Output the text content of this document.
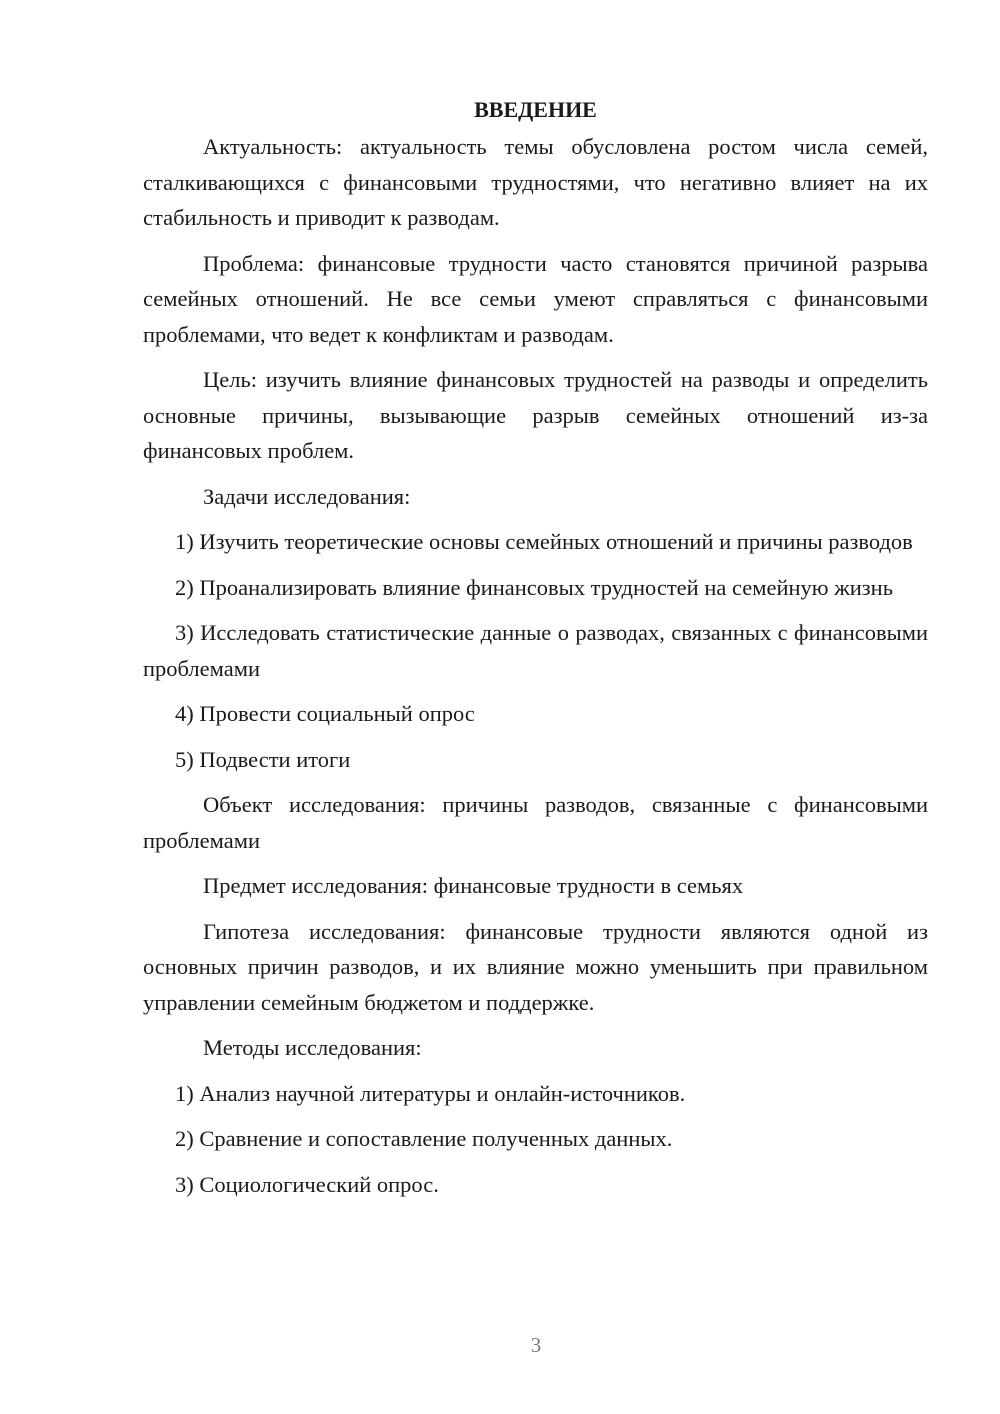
ВВЕДЕНИЕ

Актуальность: актуальность темы обусловлена ростом числа семей, сталкивающихся с финансовыми трудностями, что негативно влияет на их стабильность и приводит к разводам.

Проблема: финансовые трудности часто становятся причиной разрыва семейных отношений. Не все семьи умеют справляться с финансовыми проблемами, что ведет к конфликтам и разводам.

Цель: изучить влияние финансовых трудностей на разводы и определить основные причины, вызывающие разрыв семейных отношений из-за финансовых проблем.

Задачи исследования:

1) Изучить теоретические основы семейных отношений и причины разводов

2) Проанализировать влияние финансовых трудностей на семейную жизнь

3) Исследовать статистические данные о разводах, связанных с финансовыми проблемами

4) Провести социальный опрос

5) Подвести итоги

Объект исследования: причины разводов, связанные с финансовыми проблемами

Предмет исследования: финансовые трудности в семьях

Гипотеза исследования: финансовые трудности являются одной из основных причин разводов, и их влияние можно уменьшить при правильном управлении семейным бюджетом и поддержке.

Методы исследования:

1) Анализ научной литературы и онлайн-источников.

2) Сравнение и сопоставление полученных данных.

3) Социологический опрос.

3
